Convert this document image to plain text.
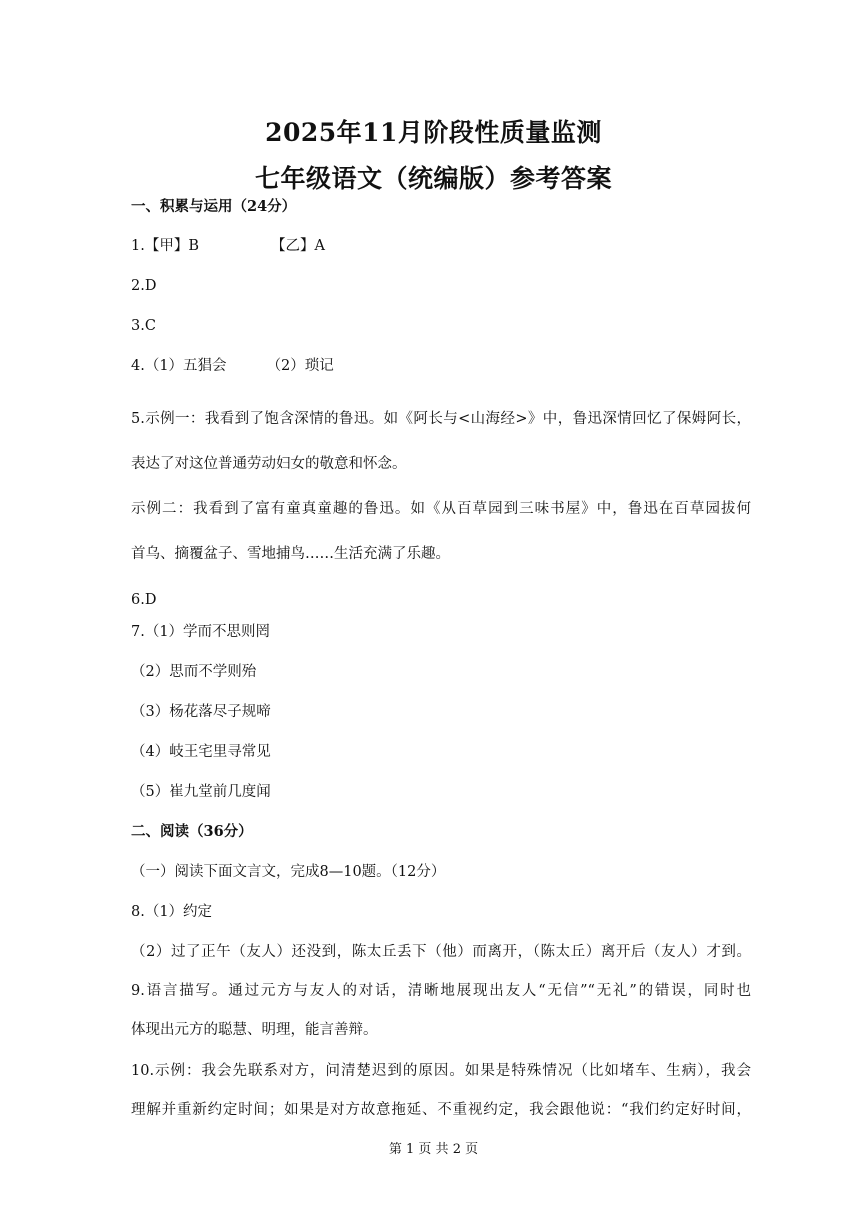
2025年11月阶段性质量监测
七年级语文（统编版）参考答案
一、积累与运用（24分）
1.【甲】B	【乙】A
2.D
3.C
4.（1）五猖会	（2）琐记
5.示例一：我看到了饱含深情的鲁迅。如《阿长与<山海经>》中，鲁迅深情回忆了保姆阿长，
表达了对这位普通劳动妇女的敬意和怀念。
示例二：我看到了富有童真童趣的鲁迅。如《从百草园到三味书屋》中，鲁迅在百草园拔何
首乌、摘覆盆子、雪地捕鸟……生活充满了乐趣。
6.D
7.（1）学而不思则罔
（2）思而不学则殆
（3）杨花落尽子规啼
（4）岐王宅里寻常见
（5）崔九堂前几度闻
二、阅读（36分）
（一）阅读下面文言文，完成8—10题。（12分）
8.（1）约定
（2）过了正午（友人）还没到，陈太丘丢下（他）而离开，（陈太丘）离开后（友人）才到。
9.语言描写。通过元方与友人的对话，清晰地展现出友人“无信”“无礼”的错误，同时也
体现出元方的聪慧、明理，能言善辩。
10.示例：我会先联系对方，问清楚迟到的原因。如果是特殊情况（比如堵车、生病），我会
理解并重新约定时间；如果是对方故意拖延、不重视约定，我会跟他说：“我们约定好时间，
第 1 页 共 2 页
